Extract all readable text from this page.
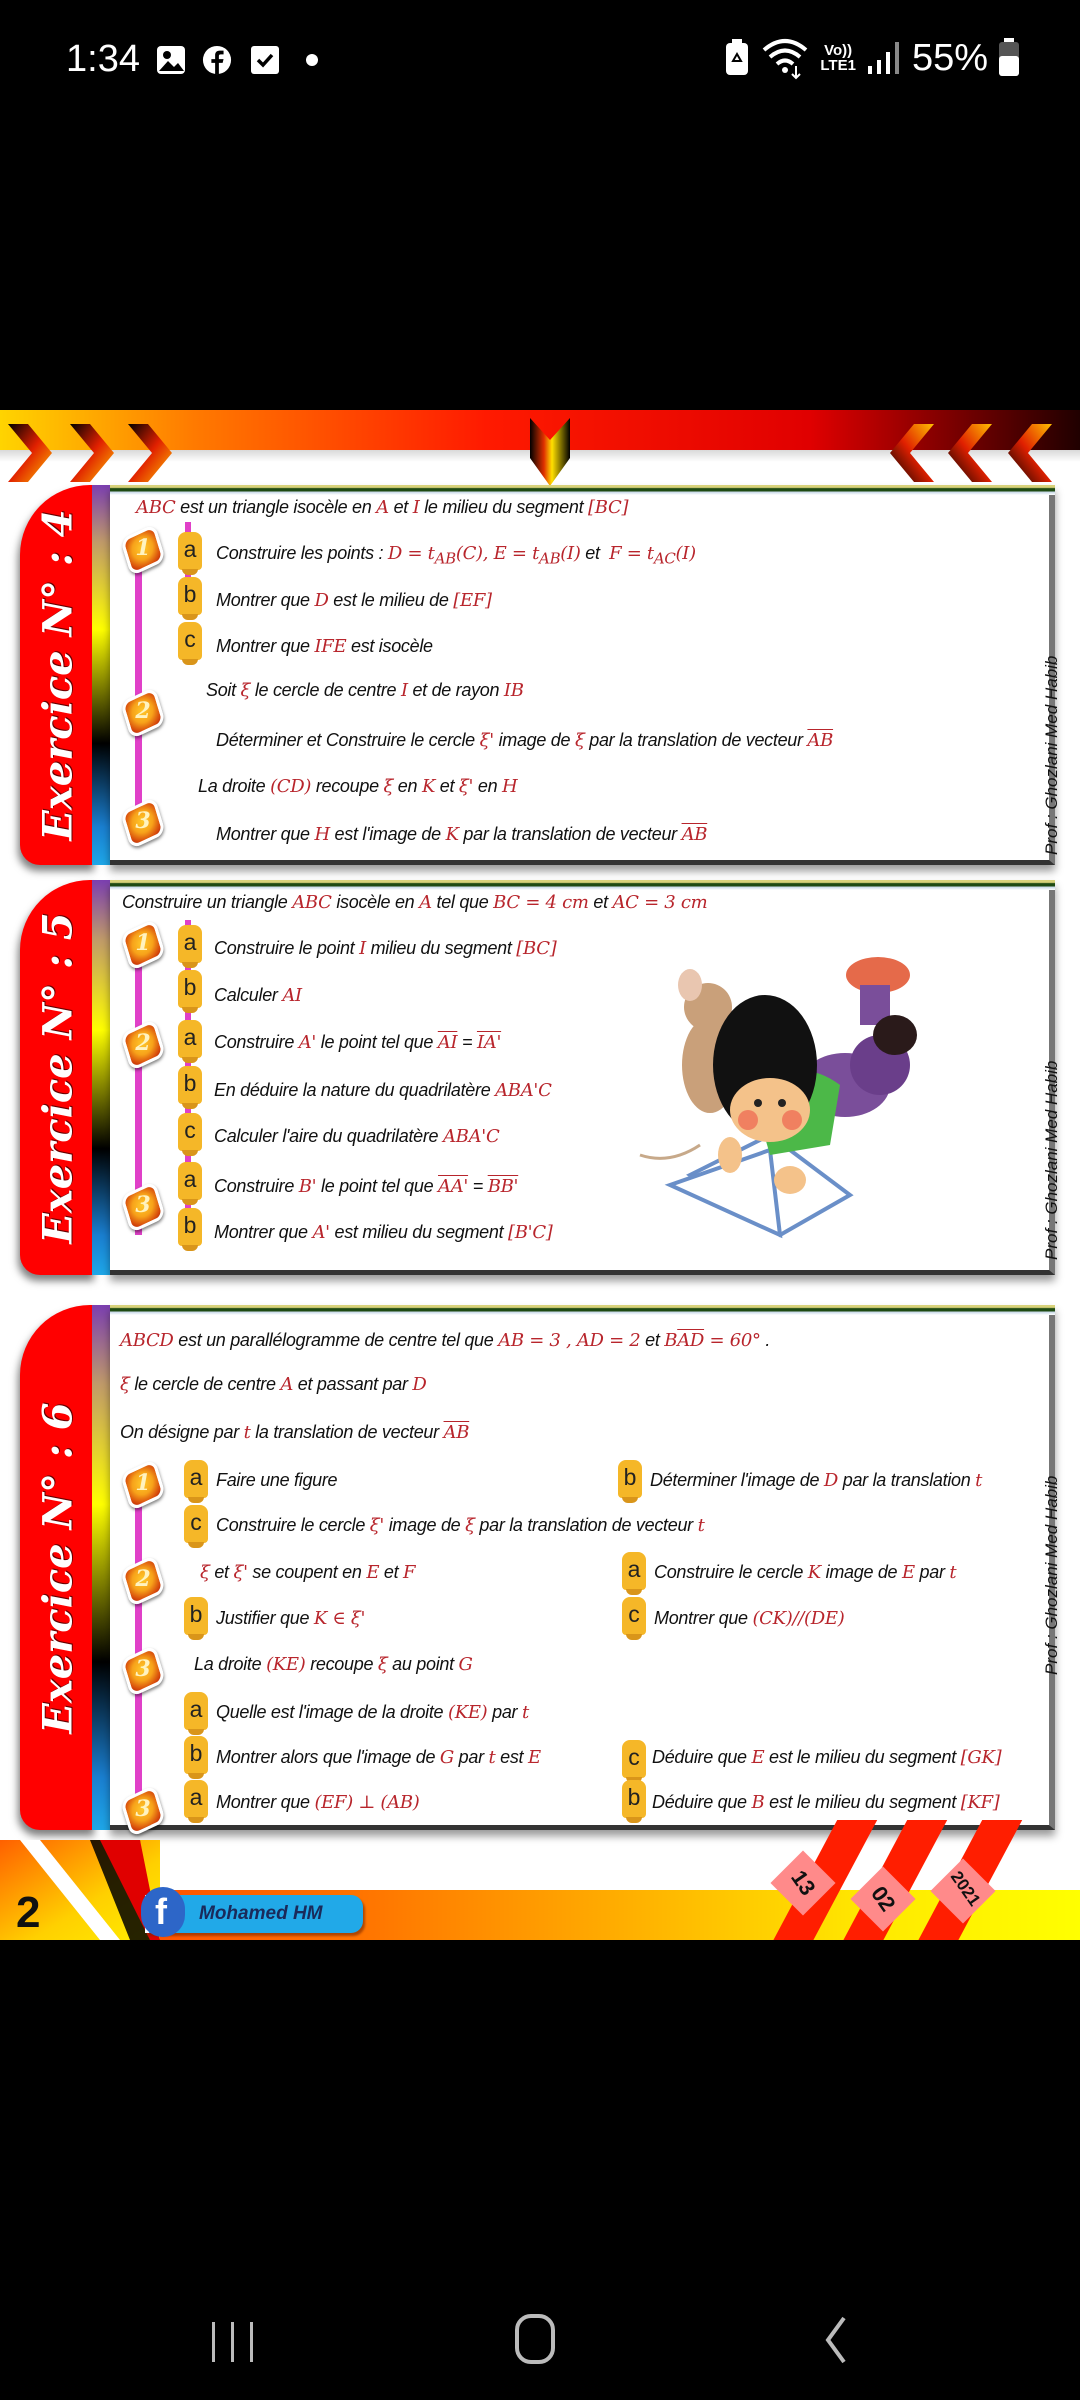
1:34	Vo))
LTE1 55%
Exercice N° : 4	Prof : Ghozlani Med Habib
ABC est un triangle isocèle en A et I le milieu du segment [BC]
1	a	Construire les points : $D = t_{AB}(C)$, $E = t_{AB}(I)$ et  $F = t_{AC}(I)$
b	Montrer que D est le milieu de [EF]
c	Montrer que IFE est isocèle
2
Soit ξ le cercle de centre I et de rayon IB
Déterminer et Construire le cercle ξ' image de ξ par la translation de vecteur $\overline{AB}$
La droite (CD) recoupe ξ en K et ξ' en H
3	Montrer que H est l'image de K par la translation de vecteur $\overline{AB}$
Exercice N° : 5	Prof : Ghozlani Med Habib
Construire un triangle ABC isocèle en A tel que BC = 4 cm et AC = 3 cm
1	a Construire le point I milieu du segment [BC]
b Calculer AI
2	a Construire A' le point tel que $\overline{AI} = IA'$
b En déduire la nature du quadrilatère ABA'C
c	Calculer l'aire du quadrilatère ABA'C
3
a Construire B' le point tel que AA' = BB'
b Montrer que A' est milieu du segment [B'C]
Exercice N° : 6	Prof : Ghozlani Med Habib
ABCD est un parallélogramme de centre tel que AB = 3 , AD = 2 et $B\overline{AD} = 60^\circ$ .
ξ le cercle de centre A et passant par D
On désigne par t la translation de vecteur $\overline{AB}$
1	a Faire une figure	b Déterminer l'image de D par la translation t
c Construire le cercle ξ' image de ξ par la translation de vecteur t
2	ξ et ξ' se coupent en E et F	a Construire le cercle K image de E par t
b Justifier que K ∈ ξ'	c Montrer que (CK)//(DE)
3	La droite (KE) recoupe ξ au point G
a Quelle est l'image de la droite (KE) par t
b Montrer alors que l'image de G par t est E	c Déduire que E est le milieu du segment [GK]
3	a Montrer que (EF) ⊥ (AB)	b Déduire que B est le milieu du segment [KF]
2	f Mohamed HM
13	02	2021
